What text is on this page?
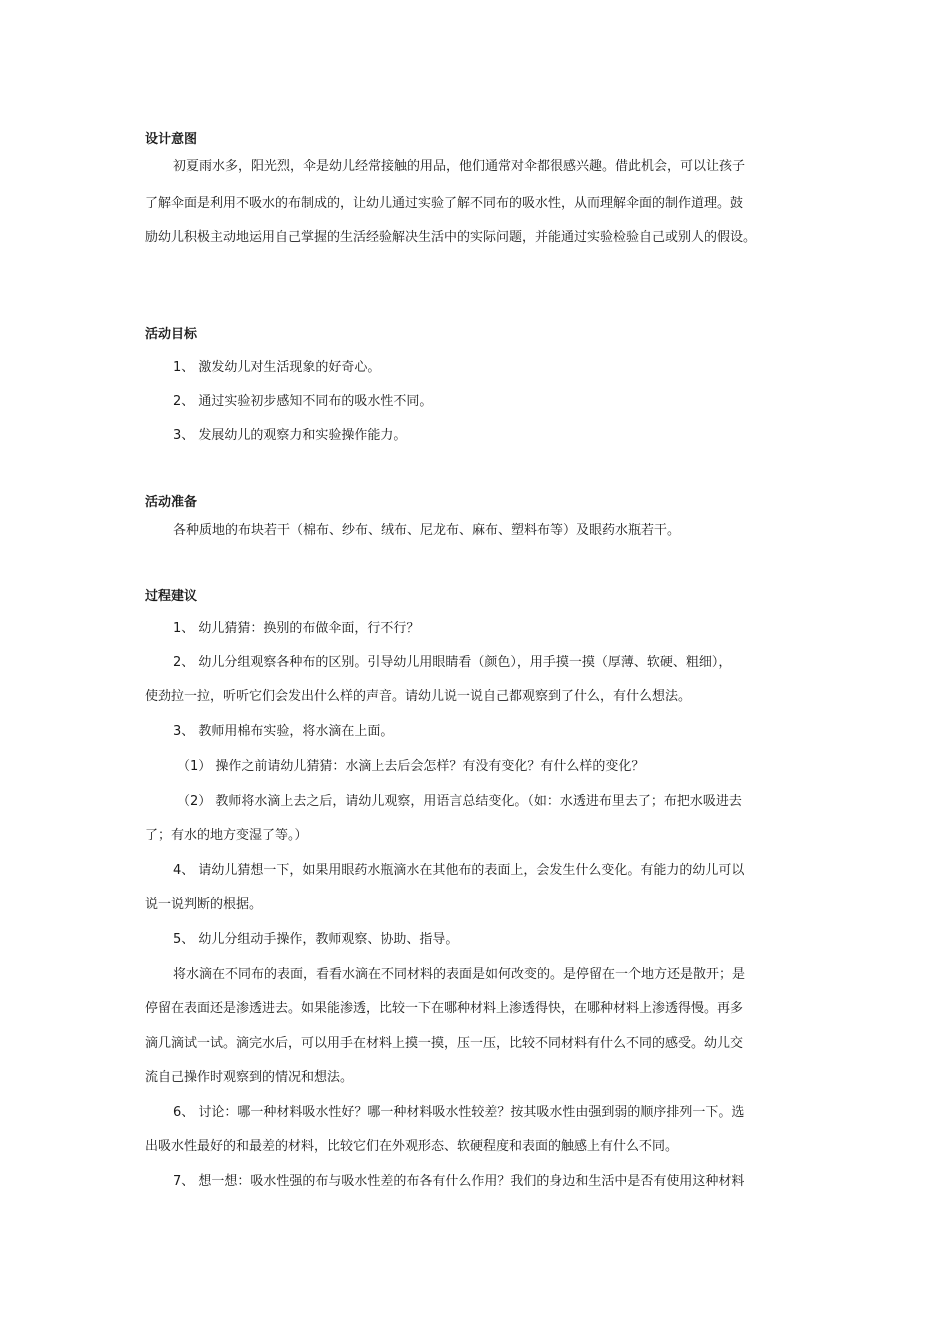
设计意图
初夏雨水多，阳光烈，伞是幼儿经常接触的用品，他们通常对伞都很感兴趣。借此机会，可以让孩子
了解伞面是利用不吸水的布制成的，让幼儿通过实验了解不同布的吸水性，从而理解伞面的制作道理。鼓
励幼儿积极主动地运用自己掌握的生活经验解决生活中的实际问题，并能通过实验检验自己或别人的假设。
活动目标
1、 激发幼儿对生活现象的好奇心。
2、 通过实验初步感知不同布的吸水性不同。
3、 发展幼儿的观察力和实验操作能力。
活动准备
各种质地的布块若干（棉布、纱布、绒布、尼龙布、麻布、塑料布等）及眼药水瓶若干。
过程建议
1、 幼儿猜猜：换别的布做伞面，行不行？
2、 幼儿分组观察各种布的区别。引导幼儿用眼睛看（颜色），用手摸一摸（厚薄、软硬、粗细），
使劲拉一拉，听听它们会发出什么样的声音。请幼儿说一说自己都观察到了什么，有什么想法。
3、 教师用棉布实验，将水滴在上面。
（1） 操作之前请幼儿猜猜：水滴上去后会怎样？有没有变化？有什么样的变化？
（2） 教师将水滴上去之后，请幼儿观察，用语言总结变化。（如：水透进布里去了；布把水吸进去
了；有水的地方变湿了等。）
4、 请幼儿猜想一下，如果用眼药水瓶滴水在其他布的表面上，会发生什么变化。有能力的幼儿可以
说一说判断的根据。
5、 幼儿分组动手操作，教师观察、协助、指导。
将水滴在不同布的表面，看看水滴在不同材料的表面是如何改变的。是停留在一个地方还是散开；是
停留在表面还是渗透进去。如果能渗透，比较一下在哪种材料上渗透得快，在哪种材料上渗透得慢。再多
滴几滴试一试。滴完水后，可以用手在材料上摸一摸，压一压，比较不同材料有什么不同的感受。幼儿交
流自己操作时观察到的情况和想法。
6、 讨论：哪一种材料吸水性好？哪一种材料吸水性较差？按其吸水性由强到弱的顺序排列一下。选
出吸水性最好的和最差的材料，比较它们在外观形态、软硬程度和表面的触感上有什么不同。
7、 想一想：吸水性强的布与吸水性差的布各有什么作用？我们的身边和生活中是否有使用这种材料
